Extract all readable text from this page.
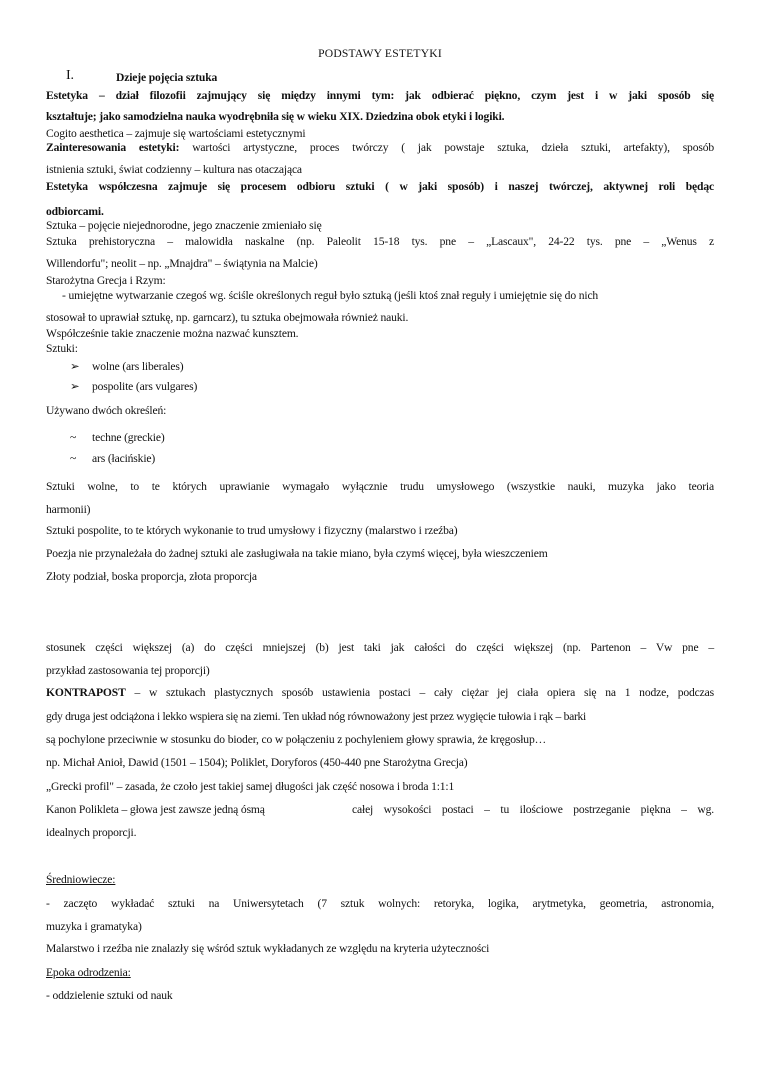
PODSTAWY ESTETYKI
I.	Dzieje pojęcia sztuka
Estetyka – dział filozofii zajmujący się między innymi tym: jak odbierać piękno, czym jest i w jaki sposób się
kształtuje; jako samodzielna nauka wyodrębniła się w wieku XIX. Dziedzina obok etyki i logiki.
Cogito aesthetica – zajmuje się wartościami estetycznymi
Zainteresowania estetyki: wartości artystyczne, proces twórczy ( jak powstaje sztuka, dzieła sztuki, artefakty), sposób
istnienia sztuki, świat codzienny – kultura nas otaczająca
Estetyka współczesna zajmuje się procesem odbioru sztuki ( w jaki sposób) i naszej twórczej, aktywnej roli będąc
odbiorcami.
Sztuka – pojęcie niejednorodne, jego znaczenie zmieniało się
Sztuka prehistoryczna – malowidła naskalne (np. Paleolit 15-18 tys. pne – „Lascaux", 24-22 tys. pne – „Wenus z
Willendorfu"; neolit – np. „Mnajdra" – świątynia na Malcie)
Starożytna Grecja i Rzym:
- umiejętne wytwarzanie czegoś wg. ściśle określonych reguł było sztuką (jeśli ktoś znał reguły i umiejętnie się do nich
stosował to uprawiał sztukę, np. garncarz), tu sztuka obejmowała również nauki.
Współcześnie takie znaczenie można nazwać kunsztem.
Sztuki:
➢ wolne (ars liberales)
➢ pospolite (ars vulgares)
Używano dwóch określeń:
~ techne (greckie)
~ ars (łacińskie)
Sztuki wolne, to te których uprawianie wymagało wyłącznie trudu umysłowego (wszystkie nauki, muzyka jako teoria
harmonii)
Sztuki pospolite, to te których wykonanie to trud umysłowy i fizyczny (malarstwo i rzeźba)
Poezja nie przynależała do żadnej sztuki ale zasługiwała na takie miano, była czymś więcej, była wieszczeniem
Złoty podział, boska proporcja, złota proporcja
stosunek części większej (a) do części mniejszej (b) jest taki jak całości do części większej (np. Partenon – Vw pne –
przykład zastosowania tej proporcji)
KONTRAPOST – w sztukach plastycznych sposób ustawienia postaci – cały ciężar jej ciała opiera się na 1 nodze, podczas
gdy druga jest odciążona i lekko wspiera się na ziemi. Ten układ nóg równoważony jest przez wygięcie tułowia i rąk – barki
są pochylone przeciwnie w stosunku do bioder, co w połączeniu z pochyleniem głowy sprawia, że kręgosłup…
np. Michał Anioł, Dawid (1501 – 1504); Poliklet, Doryforos (450-440 pne Starożytna Grecja)
„Grecki profil" – zasada, że czoło jest takiej samej długości jak część nosowa i broda 1:1:1
Kanon Polikleta – głowa jest zawsze jedną ósmą	całej wysokości postaci – tu ilościowe postrzeganie piękna – wg.
idealnych proporcji.
Średniowiecze:
- zaczęto wykładać sztuki na Uniwersytetach (7 sztuk wolnych: retoryka, logika, arytmetyka, geometria, astronomia,
muzyka i gramatyka)
Malarstwo i rzeźba nie znalazły się wśród sztuk wykładanych ze względu na kryteria użyteczności
Epoka odrodzenia:
- oddzielenie sztuki od nauk
